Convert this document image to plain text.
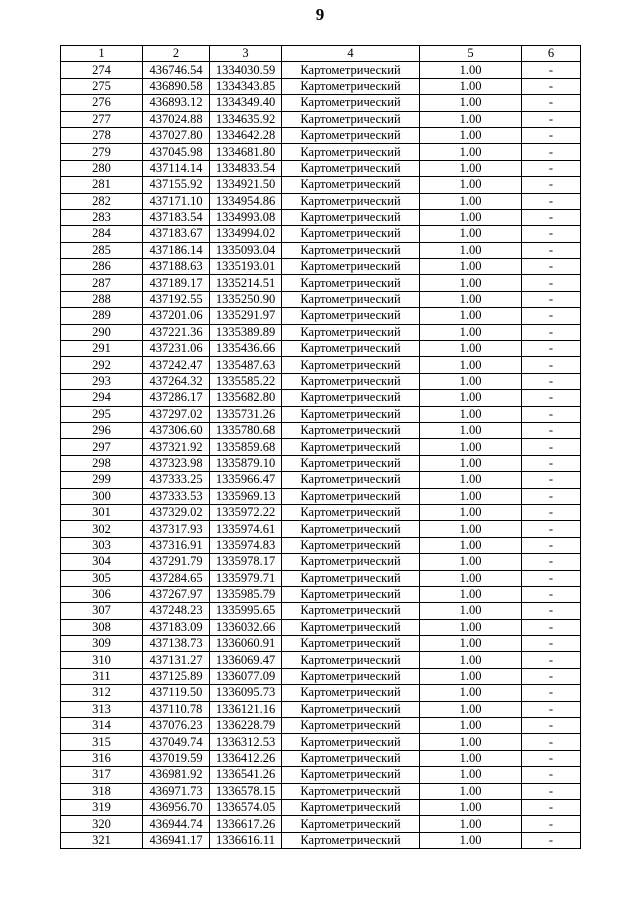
9
1	2	3	4	5	6
274	436746.54	1334030.59	Картометрический	1.00	-
275	436890.58	1334343.85	Картометрический	1.00	-
276	436893.12	1334349.40	Картометрический	1.00	-
277	437024.88	1334635.92	Картометрический	1.00	-
278	437027.80	1334642.28	Картометрический	1.00	-
279	437045.98	1334681.80	Картометрический	1.00	-
280	437114.14	1334833.54	Картометрический	1.00	-
281	437155.92	1334921.50	Картометрический	1.00	-
282	437171.10	1334954.86	Картометрический	1.00	-
283	437183.54	1334993.08	Картометрический	1.00	-
284	437183.67	1334994.02	Картометрический	1.00	-
285	437186.14	1335093.04	Картометрический	1.00	-
286	437188.63	1335193.01	Картометрический	1.00	-
287	437189.17	1335214.51	Картометрический	1.00	-
288	437192.55	1335250.90	Картометрический	1.00	-
289	437201.06	1335291.97	Картометрический	1.00	-
290	437221.36	1335389.89	Картометрический	1.00	-
291	437231.06	1335436.66	Картометрический	1.00	-
292	437242.47	1335487.63	Картометрический	1.00	-
293	437264.32	1335585.22	Картометрический	1.00	-
294	437286.17	1335682.80	Картометрический	1.00	-
295	437297.02	1335731.26	Картометрический	1.00	-
296	437306.60	1335780.68	Картометрический	1.00	-
297	437321.92	1335859.68	Картометрический	1.00	-
298	437323.98	1335879.10	Картометрический	1.00	-
299	437333.25	1335966.47	Картометрический	1.00	-
300	437333.53	1335969.13	Картометрический	1.00	-
301	437329.02	1335972.22	Картометрический	1.00	-
302	437317.93	1335974.61	Картометрический	1.00	-
303	437316.91	1335974.83	Картометрический	1.00	-
304	437291.79	1335978.17	Картометрический	1.00	-
305	437284.65	1335979.71	Картометрический	1.00	-
306	437267.97	1335985.79	Картометрический	1.00	-
307	437248.23	1335995.65	Картометрический	1.00	-
308	437183.09	1336032.66	Картометрический	1.00	-
309	437138.73	1336060.91	Картометрический	1.00	-
310	437131.27	1336069.47	Картометрический	1.00	-
311	437125.89	1336077.09	Картометрический	1.00	-
312	437119.50	1336095.73	Картометрический	1.00	-
313	437110.78	1336121.16	Картометрический	1.00	-
314	437076.23	1336228.79	Картометрический	1.00	-
315	437049.74	1336312.53	Картометрический	1.00	-
316	437019.59	1336412.26	Картометрический	1.00	-
317	436981.92	1336541.26	Картометрический	1.00	-
318	436971.73	1336578.15	Картометрический	1.00	-
319	436956.70	1336574.05	Картометрический	1.00	-
320	436944.74	1336617.26	Картометрический	1.00	-
321	436941.17	1336616.11	Картометрический	1.00	-
